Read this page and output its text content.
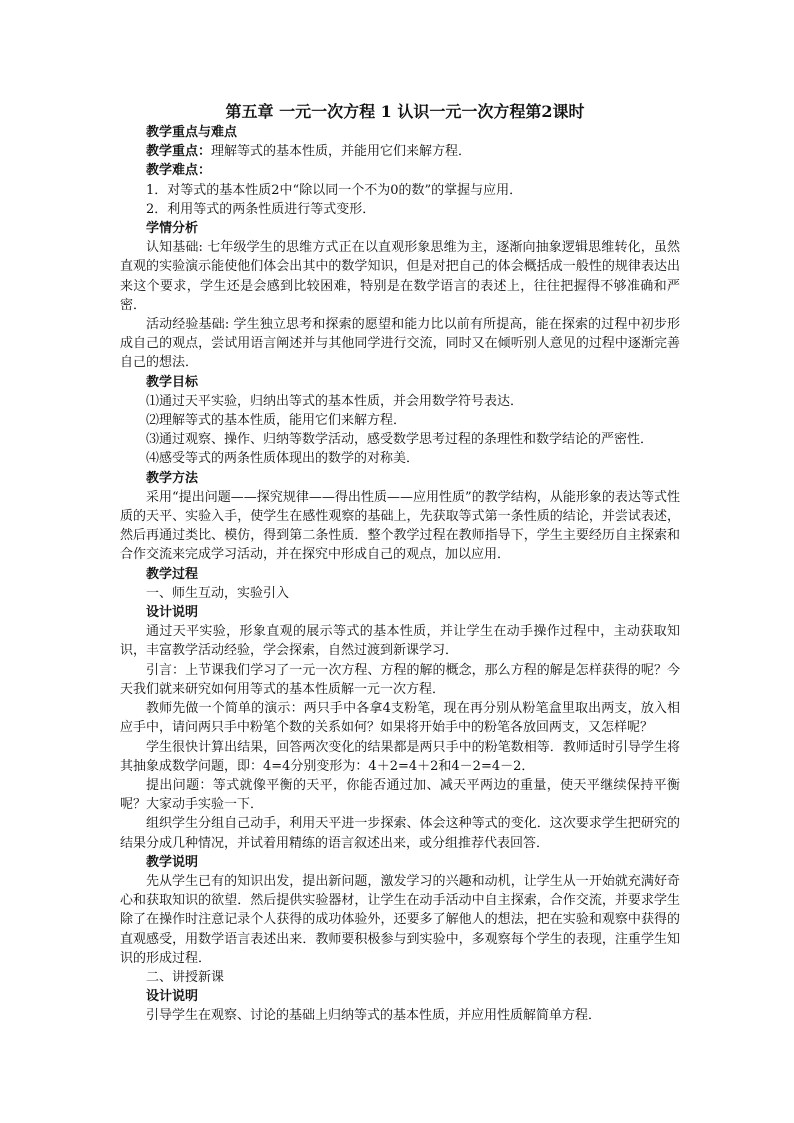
第五章 一元一次方程 1 认识一元一次方程第2课时

教学重点与难点

教学重点：理解等式的基本性质，并能用它们来解方程．

教学难点：

1．对等式的基本性质2中“除以同一个不为0的数”的掌握与应用．

2．利用等式的两条性质进行等式变形．

学情分析

认知基础: 七年级学生的思维方式正在以直观形象思维为主，逐渐向抽象逻辑思维转化，虽然直观的实验演示能使他们体会出其中的数学知识，但是对把自己的体会概括成一般性的规律表达出来这个要求，学生还是会感到比较困难，特别是在数学语言的表述上，往往把握得不够准确和严密．

活动经验基础: 学生独立思考和探索的愿望和能力比以前有所提高，能在探索的过程中初步形成自己的观点，尝试用语言阐述并与其他同学进行交流，同时又在倾听别人意见的过程中逐渐完善自己的想法．

教学目标

⑴通过天平实验，归纳出等式的基本性质，并会用数学符号表达．

⑵理解等式的基本性质，能用它们来解方程．

⑶通过观察、操作、归纳等数学活动，感受数学思考过程的条理性和数学结论的严密性．

⑷感受等式的两条性质体现出的数学的对称美．

教学方法

采用“提出问题——探究规律——得出性质——应用性质”的教学结构，从能形象的表达等式性质的天平、实验入手，使学生在感性观察的基础上，先获取等式第一条性质的结论，并尝试表述，然后再通过类比、模仿，得到第二条性质．整个教学过程在教师指导下，学生主要经历自主探索和合作交流来完成学习活动，并在探究中形成自己的观点，加以应用．

教学过程

一、师生互动，实验引入

设计说明

通过天平实验，形象直观的展示等式的基本性质，并让学生在动手操作过程中，主动获取知识，丰富教学活动经验，学会探索，自然过渡到新课学习．

引言：上节课我们学习了一元一次方程、方程的解的概念，那么方程的解是怎样获得的呢？今天我们就来研究如何用等式的基本性质解一元一次方程．

教师先做一个简单的演示：两只手中各拿4支粉笔，现在再分别从粉笔盒里取出两支，放入相应手中，请问两只手中粉笔个数的关系如何？如果将开始手中的粉笔各放回两支，又怎样呢？

学生很快计算出结果，回答两次变化的结果都是两只手中的粉笔数相等．教师适时引导学生将其抽象成数学问题，即：4=4分别变形为：4＋2=4＋2和4－2=4－2．

提出问题：等式就像平衡的天平，你能否通过加、减天平两边的重量，使天平继续保持平衡呢？大家动手实验一下．

组织学生分组自己动手，利用天平进一步探索、体会这种等式的变化．这次要求学生把研究的结果分成几种情况，并试着用精练的语言叙述出来，或分组推荐代表回答．

教学说明

先从学生已有的知识出发，提出新问题，激发学习的兴趣和动机，让学生从一开始就充满好奇心和获取知识的欲望．然后提供实验器材，让学生在动手活动中自主探索，合作交流，并要求学生除了在操作时注意记录个人获得的成功体验外，还要多了解他人的想法，把在实验和观察中获得的直观感受，用数学语言表述出来．教师要积极参与到实验中，多观察每个学生的表现，注重学生知识的形成过程．

二、讲授新课

设计说明

引导学生在观察、讨论的基础上归纳等式的基本性质，并应用性质解简单方程．
